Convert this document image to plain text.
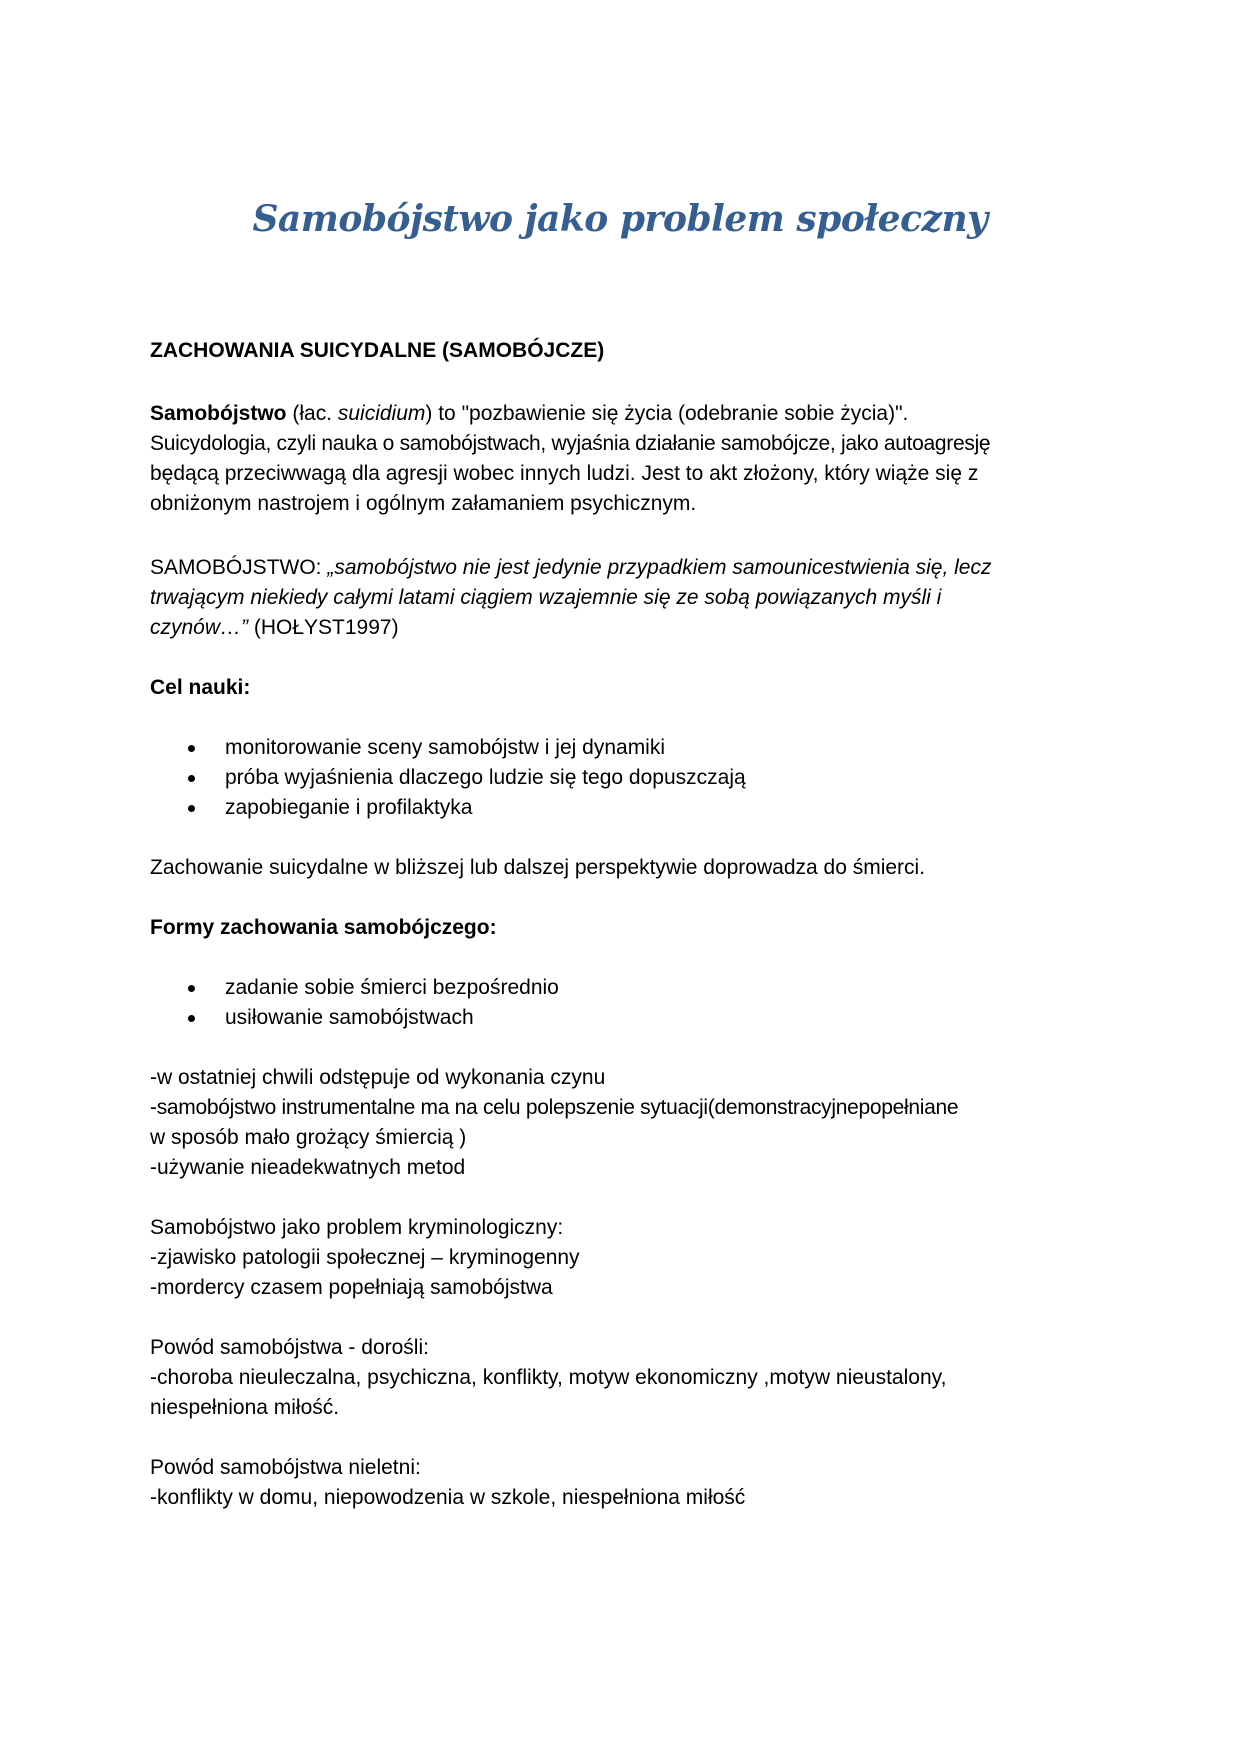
Samobójstwo jako problem społeczny
ZACHOWANIA SUICYDALNE (SAMOBÓJCZE)
Samobójstwo (łac. suicidium) to "pozbawienie się życia (odebranie sobie życia)".
Suicydologia, czyli nauka o samobójstwach, wyjaśnia działanie samobójcze, jako autoagresję
będącą przeciwwagą dla agresji wobec innych ludzi. Jest to akt złożony, który wiąże się z
obniżonym nastrojem i ogólnym załamaniem psychicznym.
SAMOBÓJSTWO: „samobójstwo nie jest jedynie przypadkiem samounicestwienia się, lecz
trwającym niekiedy całymi latami ciągiem wzajemnie się ze sobą powiązanych myśli i
czynów…” (HOŁYST1997)
Cel nauki:
monitorowanie sceny samobójstw i jej dynamiki
próba wyjaśnienia dlaczego ludzie się tego dopuszczają
zapobieganie i profilaktyka
Zachowanie suicydalne w bliższej lub dalszej perspektywie doprowadza do śmierci.
Formy zachowania samobójczego:
zadanie sobie śmierci bezpośrednio
usiłowanie samobójstwach
-w ostatniej chwili odstępuje od wykonania czynu
-samobójstwo instrumentalne ma na celu polepszenie sytuacji(demonstracyjnepopełniane
w sposób mało grożący śmiercią )
-używanie nieadekwatnych metod
Samobójstwo jako problem kryminologiczny:
-zjawisko patologii społecznej – kryminogenny
-mordercy czasem popełniają samobójstwa
Powód samobójstwa - dorośli:
-choroba nieuleczalna, psychiczna, konflikty, motyw ekonomiczny ,motyw nieustalony,
niespełniona miłość.
Powód samobójstwa nieletni:
-konflikty w domu, niepowodzenia w szkole, niespełniona miłość
